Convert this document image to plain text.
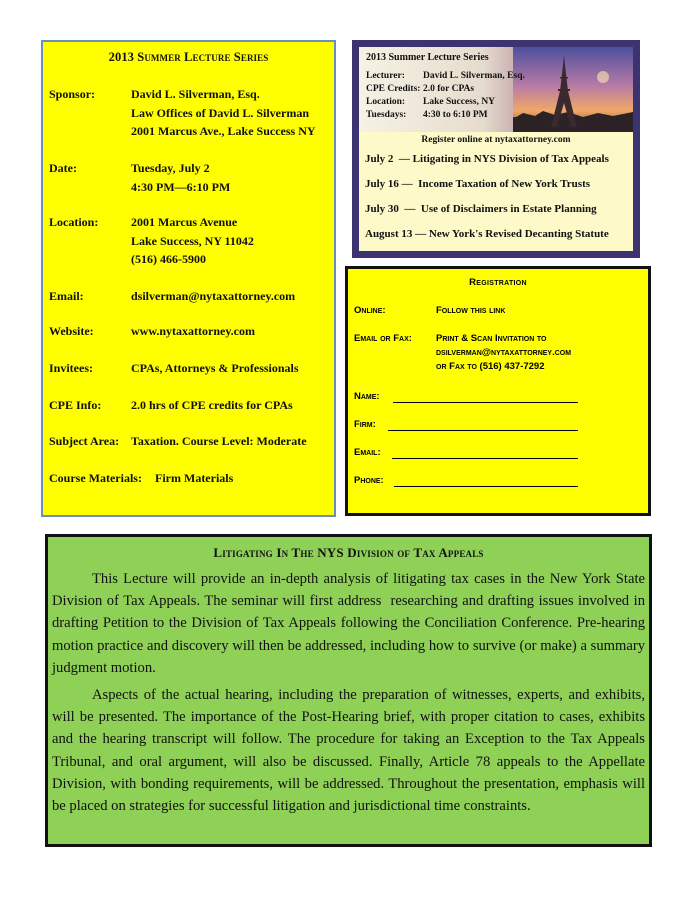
2013 Summer Lecture Series
Sponsor:	David L. Silverman, Esq.
Law Offices of David L. Silverman
2001 Marcus Ave., Lake Success NY
Date:	Tuesday, July 2
4:30 PM—6:10 PM
Location:	2001 Marcus Avenue
Lake Success, NY 11042
(516) 466-5900
Email:	dsilverman@nytaxattorney.com
Website:	www.nytaxattorney.com
Invitees:	CPAs, Attorneys & Professionals
CPE Info: 2.0 hrs of CPE credits for CPAs
Subject Area: Taxation. Course Level: Moderate
Course Materials: Firm Materials
2013 Summer Lecture Series
Lecturer: David L. Silverman, Esq.
CPE Credits: 2.0 for CPAs
Location: Lake Success, NY
Tuesdays: 4:30 to 6:10 PM
Register online at nytaxattorney.com
July 2  — Litigating in NYS Division of Tax Appeals
July 16 —  Income Taxation of New York Trusts
July 30  —  Use of Disclaimers in Estate Planning
August 13 — New York's Revised Decanting Statute
Registration
Online:	Follow this link
Email or Fax:	Print & Scan Invitation to
dsilverman@nytaxattorney.com
or Fax to (516) 437-7292
Name:
Firm:
Email:
Phone:
Litigating In The NYS Division of Tax Appeals
This Lecture will provide an in-depth analysis of litigating tax cases in the New York State Division of Tax Appeals. The seminar will first address  researching and drafting issues involved in drafting Petition to the Division of Tax Appeals following the Conciliation Conference. Pre-hearing motion practice and discovery will then be addressed, including how to survive (or make) a summary judgment motion.
Aspects of the actual hearing, including the preparation of witnesses, experts, and exhibits, will be presented. The importance of the Post-Hearing brief, with proper citation to cases, exhibits and the hearing transcript will follow. The procedure for taking an Exception to the Tax Appeals Tribunal, and oral argument, will also be discussed. Finally, Article 78 appeals to the Appellate Division, with bonding requirements, will be addressed. Throughout the presentation, emphasis will be placed on strategies for successful litigation and jurisdictional time constraints.
